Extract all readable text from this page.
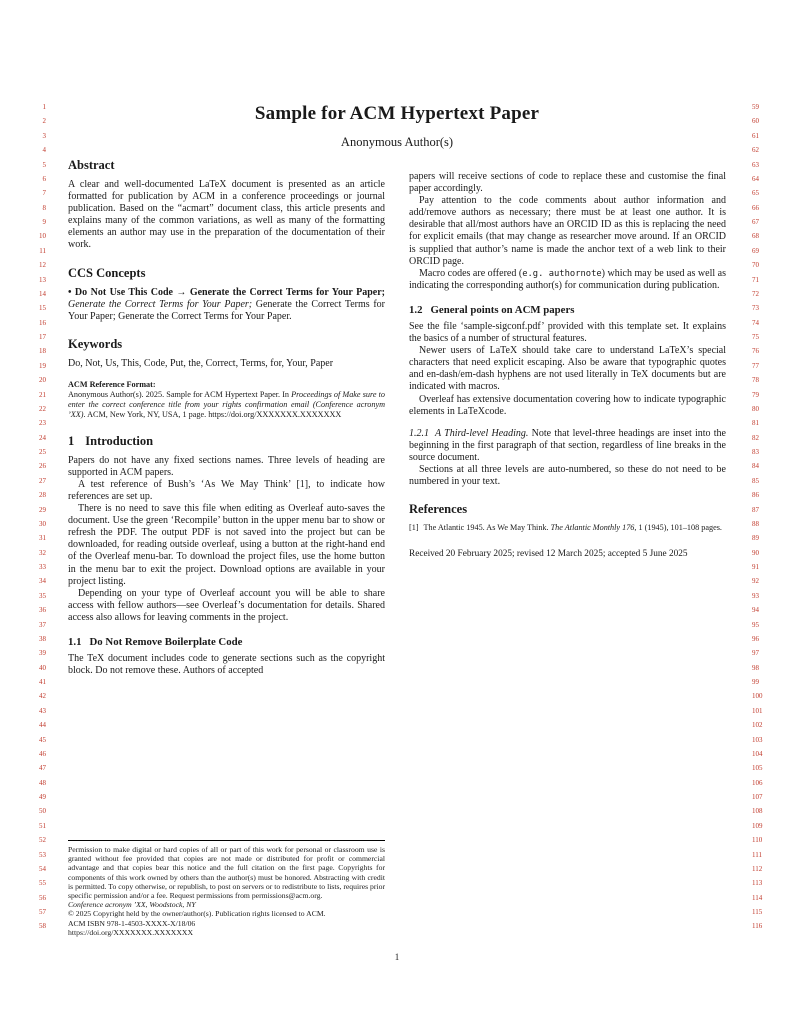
1
2
3
4
5
6
7
8
9
10
11
12
13
14
15
16
17
18
19
20
21
22
23
24
25
26
27
28
29
30
31
32
33
34
35
36
37
38
39
40
41
42
43
44
45
46
47
48
49
50
51
52
53
54
55
56
57
58
59
60
61
62
63
64
65
66
67
68
69
70
71
72
73
74
75
76
77
78
79
80
81
82
83
84
85
86
87
88
89
90
91
92
93
94
95
96
97
98
99
100
101
102
103
104
105
106
107
108
109
110
111
112
113
114
115
116
Sample for ACM Hypertext Paper
Anonymous Author(s)
Abstract

A clear and well-documented LaTeX document is presented as an article formatted for publication by ACM in a conference proceedings or journal publication. Based on the “acmart” document class, this article presents and explains many of the common variations, as well as many of the formatting elements an author may use in the preparation of the documentation of their work.

CCS Concepts

• Do Not Use This Code → Generate the Correct Terms for Your Paper; Generate the Correct Terms for Your Paper; Generate the Correct Terms for Your Paper; Generate the Correct Terms for Your Paper.

Keywords

Do, Not, Us, This, Code, Put, the, Correct, Terms, for, Your, Paper

ACM Reference Format:

Anonymous Author(s). 2025. Sample for ACM Hypertext Paper. In Proceedings of Make sure to enter the correct conference title from your rights confirmation email (Conference acronym ’XX). ACM, New York, NY, USA, 1 page. https://doi.org/XXXXXXX.XXXXXXX

1 Introduction

Papers do not have any fixed sections names. Three levels of heading are supported in ACM papers.

A test reference of Bush’s ‘As We May Think’ [1], to indicate how references are set up.

There is no need to save this file when editing as Overleaf auto-saves the document. Use the green ‘Recompile’ button in the upper menu bar to show or refresh the PDF. The output PDF is not saved into the project but can be downloaded, for reading outside overleaf, using a button at the right-hand end of the Overleaf menu-bar. To download the project files, use the home button in the menu bar to exit the project. Download options are available in your project listing.

Depending on your type of Overleaf account you will be able to share access with fellow authors—see Overleaf’s documentation for details. Shared access also allows for leaving comments in the project.

1.1 Do Not Remove Boilerplate Code

The TeX document includes code to generate sections such as the copyright block. Do not remove these. Authors of accepted

Permission to make digital or hard copies of all or part of this work for personal or classroom use is granted without fee provided that copies are not made or distributed for profit or commercial advantage and that copies bear this notice and the full citation on the first page. Copyrights for components of this work owned by others than the author(s) must be honored. Abstracting with credit is permitted. To copy otherwise, or republish, to post on servers or to redistribute to lists, requires prior specific permission and/or a fee. Request permissions from permissions@acm.org.

Conference acronym ’XX, Woodstock, NY
© 2025 Copyright held by the owner/author(s). Publication rights licensed to ACM.
ACM ISBN 978-1-4503-XXXX-X/18/06
https://doi.org/XXXXXXX.XXXXXXX

papers will receive sections of code to replace these and customise the final paper accordingly.

Pay attention to the code comments about author information and add/remove authors as necessary; there must be at least one author. It is desirable that all/most authors have an ORCID ID as this is replacing the need for explicit emails (that may change as researcher move around. If an ORCID is supplied that author’s name is made the anchor text of a web link to their ORCID page.

Macro codes are offered (e.g. authornote) which may be used as well as indicating the corresponding author(s) for communication during publication.

1.2 General points on ACM papers

See the file ‘sample-sigconf.pdf’ provided with this template set. It explains the basics of a number of structural features.

Newer users of LaTeX should take care to understand LaTeX’s special characters that need explicit escaping. Also be aware that typographic quotes and en-dash/em-dash hyphens are not used literally in TeX documents but are indicated with macros.

Overleaf has extensive documentation covering how to indicate typographic elements in LaTeXcode.

1.2.1 A Third-level Heading. Note that level-three headings are inset into the beginning in the first paragraph of that section, regardless of line breaks in the source document.

Sections at all three levels are auto-numbered, so these do not need to be numbered in your text.

References

[1] The Atlantic 1945. As We May Think. The Atlantic Monthly 176, 1 (1945), 101–108 pages.

Received 20 February 2025; revised 12 March 2025; accepted 5 June 2025

1
